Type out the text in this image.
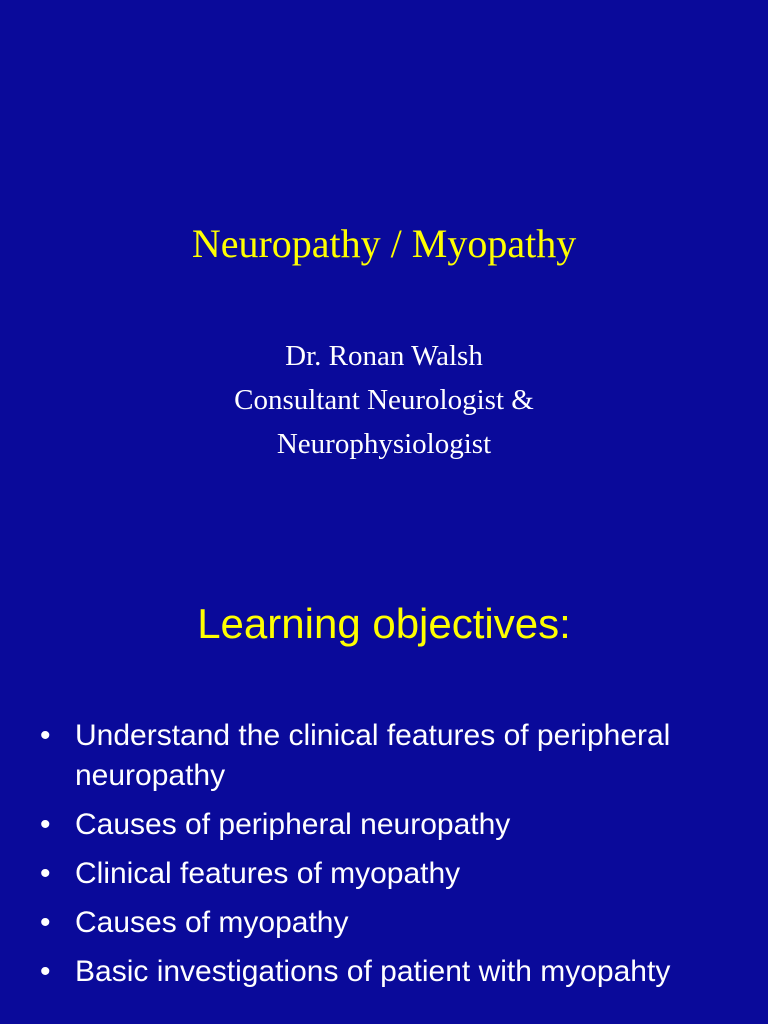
Neuropathy / Myopathy
Dr. Ronan Walsh
Consultant Neurologist &
Neurophysiologist
Learning objectives:
• Understand the clinical features of peripheral neuropathy
• Causes of peripheral neuropathy
• Clinical features of myopathy
• Causes of myopathy
• Basic investigations of patient with myopahty
